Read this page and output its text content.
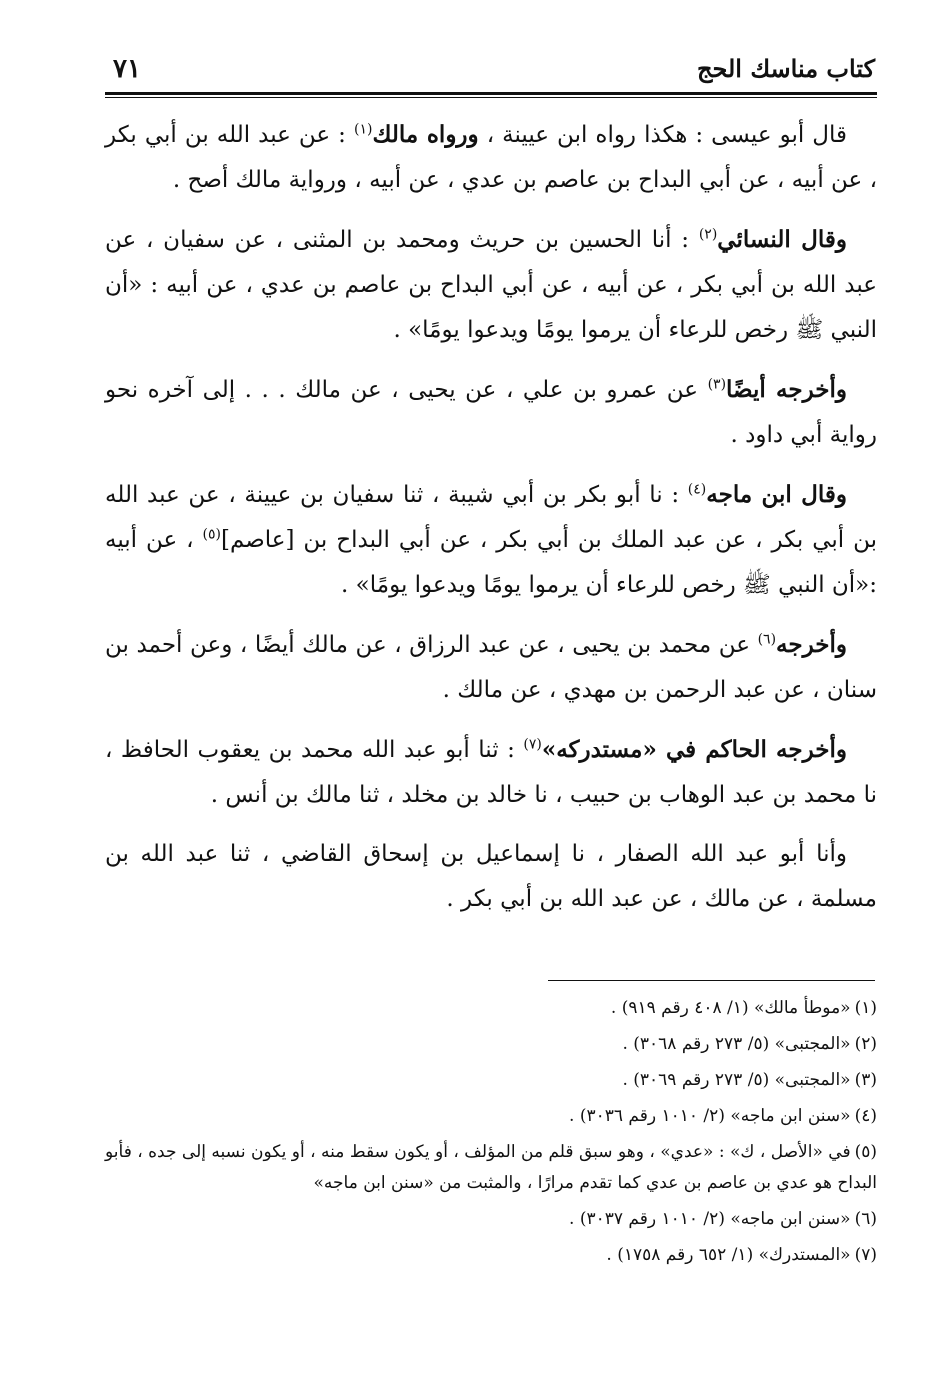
كتاب مناسك الحج
٧١

قال أبو عيسى : هكذا رواه ابن عيينة ، ورواه مالك$^{(١)}$ : عن عبد الله بن أبي بكر ، عن أبيه ، عن أبي البداح بن عاصم بن عدي ، عن أبيه ، ورواية مالك أصح .

وقال النسائي$^{(٢)}$ : أنا الحسين بن حريث ومحمد بن المثنى ، عن سفيان ، عن عبد الله بن أبي بكر ، عن أبيه ، عن أبي البداح بن عاصم بن عدي ، عن أبيه : «أن النبي ﷺ رخص للرعاء أن يرموا يومًا ويدعوا يومًا» .

وأخرجه أيضًا$^{(٣)}$ عن عمرو بن علي ، عن يحيى ، عن مالك . . . إلى آخره نحو رواية أبي داود .

وقال ابن ماجه$^{(٤)}$ : نا أبو بكر بن أبي شيبة ، ثنا سفيان بن عيينة ، عن عبد الله بن أبي بكر ، عن عبد الملك بن أبي بكر ، عن أبي البداح بن [عاصم]$^{(٥)}$ ، عن أبيه :«أن النبي ﷺ رخص للرعاء أن يرموا يومًا ويدعوا يومًا» .

وأخرجه$^{(٦)}$ عن محمد بن يحيى ، عن عبد الرزاق ، عن مالك أيضًا ، وعن أحمد بن سنان ، عن عبد الرحمن بن مهدي ، عن مالك .

وأخرجه الحاكم في «مستدركه»$^{(٧)}$ : ثنا أبو عبد الله محمد بن يعقوب الحافظ ، نا محمد بن عبد الوهاب بن حبيب ، نا خالد بن مخلد ، ثنا مالك بن أنس .

وأنا أبو عبد الله الصفار ، نا إسماعيل بن إسحاق القاضي ، ثنا عبد الله بن مسلمة ، عن مالك ، عن عبد الله بن أبي بكر .

(١)«موطأ مالك» (١/ ٤٠٨ رقم ٩١٩) .

(٢)«المجتبى» (٥/ ٢٧٣ رقم ٣٠٦٨) .

(٣)«المجتبى» (٥/ ٢٧٣ رقم ٣٠٦٩) .

(٤)«سنن ابن ماجه» (٢/ ١٠١٠ رقم ٣٠٣٦) .

(٥)في «الأصل ، ك» : «عدي» ، وهو سبق قلم من المؤلف ، أو يكون سقط منه ، أو يكون نسبه إلى جده ، فأبو البداح هو عدي بن عاصم بن عدي كما تقدم مرارًا ، والمثبت من «سنن ابن ماجه»

(٦)«سنن ابن ماجه» (٢/ ١٠١٠ رقم ٣٠٣٧) .

(٧)«المستدرك» (١/ ٦٥٢ رقم ١٧٥٨) .
